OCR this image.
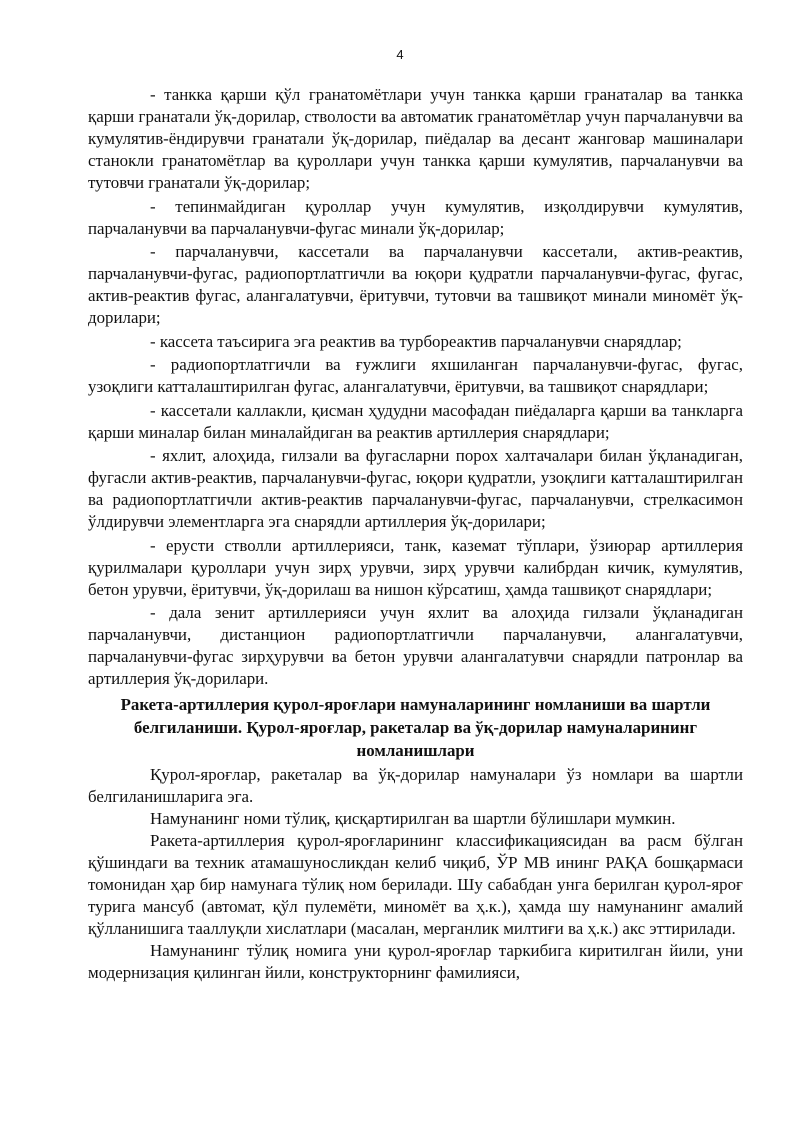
4

- танкка қарши қўл гранатомётлари учун танкка қарши гранаталар ва танкка қарши гранатали ўқ-дорилар, стволости ва автоматик гранатомётлар учун парчаланувчи ва кумулятив-ёндирувчи гранатали ўқ-дорилар, пиёдалар ва десант жанговар машиналари станокли гранатомётлар ва қуроллари учун танкка қарши кумулятив, парчаланувчи ва тутовчи гранатали ўқ-дорилар;

- тепинмайдиган қуроллар учун кумулятив, изқолдирувчи кумулятив, парчаланувчи ва парчаланувчи-фугас минали ўқ-дорилар;

- парчаланувчи, кассетали ва парчаланувчи кассетали, актив-реактив, парчаланувчи-фугас, радиопортлатгичли ва юқори қудратли парчаланувчи-фугас, фугас, актив-реактив фугас, алангалатувчи, ёритувчи, тутовчи ва ташвиқот минали миномёт ўқ-дорилари;

- кассета таъсирига эга реактив ва турбореактив парчаланувчи снарядлар;

- радиопортлатгичли ва ғужлиги яхшиланган парчаланувчи-фугас, фугас, узоқлиги катталаштирилган фугас, алангалатувчи, ёритувчи, ва ташвиқот снарядлари;

- кассетали каллакли, қисман ҳудудни масофадан пиёдаларга қарши ва танкларга қарши миналар билан миналайдиган ва реактив артиллерия снарядлари;

- яхлит, алоҳида, гилзали ва фугасларни порох халтачалари билан ўқланадиган, фугасли актив-реактив, парчаланувчи-фугас, юқори қудратли, узоқлиги катталаштирилган ва радиопортлатгичли актив-реактив парчаланувчи-фугас, парчаланувчи, стрелкасимон ўлдирувчи элементларга эга снарядли артиллерия ўқ-дорилари;

- ерусти стволли артиллерияси, танк, каземат тўплари, ўзиюрар артиллерия қурилмалари қуроллари учун зирҳ урувчи, зирҳ урувчи калибрдан кичик, кумулятив, бетон урувчи, ёритувчи, ўқ-дорилаш ва нишон кўрсатиш, ҳамда ташвиқот снарядлари;

- дала зенит артиллерияси учун яхлит ва алоҳида гилзали ўқланадиган парчаланувчи, дистанцион радиопортлатгичли парчаланувчи, алангалатувчи, парчаланувчи-фугас зирҳурувчи ва бетон урувчи алангалатувчи снарядли патронлар ва артиллерия ўқ-дорилари.

Ракета-артиллерия қурол-яроғлари намуналарининг номланиши ва шартли белгиланиши. Қурол-яроғлар, ракеталар ва ўқ-дорилар намуналарининг номланишлари

Қурол-яроғлар, ракеталар ва ўқ-дорилар намуналари ўз номлари ва шартли белгиланишларига эга.

Намунанинг номи тўлиқ, қисқартирилган ва шартли бўлишлари мумкин.

Ракета-артиллерия қурол-яроғларининг классификациясидан ва расм бўлган қўшиндаги ва техник атамашуносликдан келиб чиқиб, ЎР МВ ининг РАҚА бошқармаси томонидан ҳар бир намунага тўлиқ ном берилади. Шу сабабдан унга берилган қурол-яроғ турига мансуб (автомат, қўл пулемёти, миномёт ва ҳ.к.), ҳамда шу намунанинг амалий қўлланишига тааллуқли хислатлари (масалан, мерганлик милтиғи ва ҳ.к.) акс эттирилади.

Намунанинг тўлиқ номига уни қурол-яроғлар таркибига киритилган йили, уни модернизация қилинган йили, конструкторнинг фамилияси,
